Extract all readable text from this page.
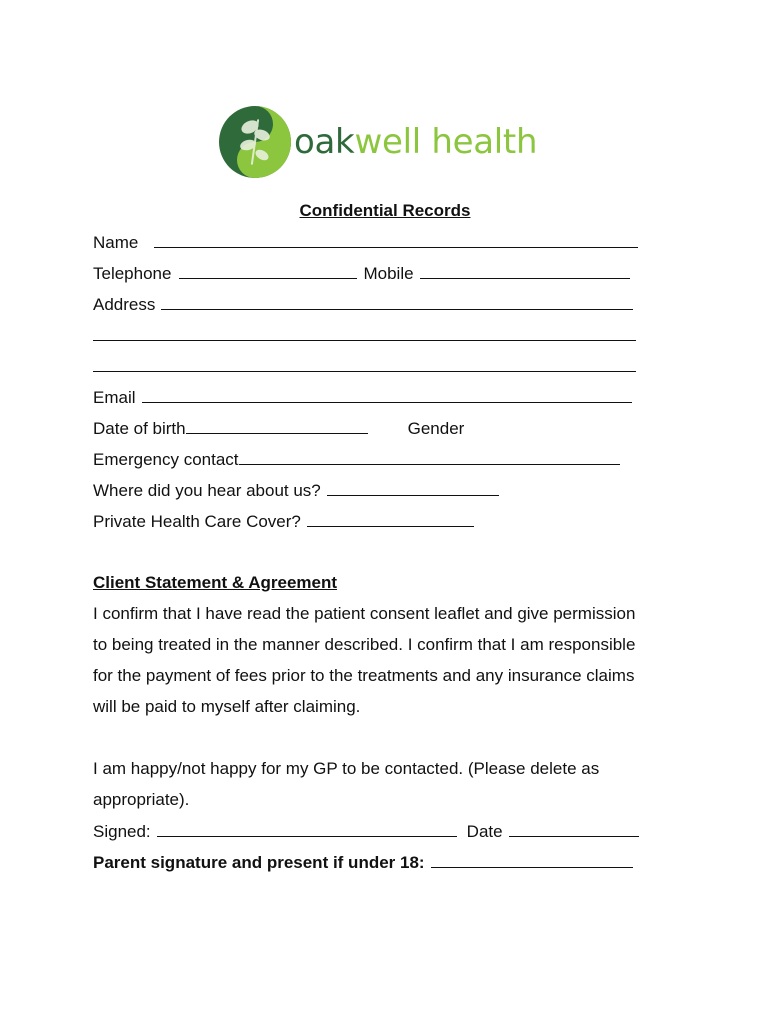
oakwell health
Confidential Records
Name
Telephone	Mobile
Address
Email
Date of birth	Gender
Emergency contact
Where did you hear about us?
Private Health Care Cover?
Client Statement & Agreement
I confirm that I have read the patient consent leaflet and give permission
to being treated in the manner described. I confirm that I am responsible
for the payment of fees prior to the treatments and any insurance claims
will be paid to myself after claiming.
I am happy/not happy for my GP to be contacted. (Please delete as
appropriate).
Signed:	Date
Parent signature and present if under 18:
